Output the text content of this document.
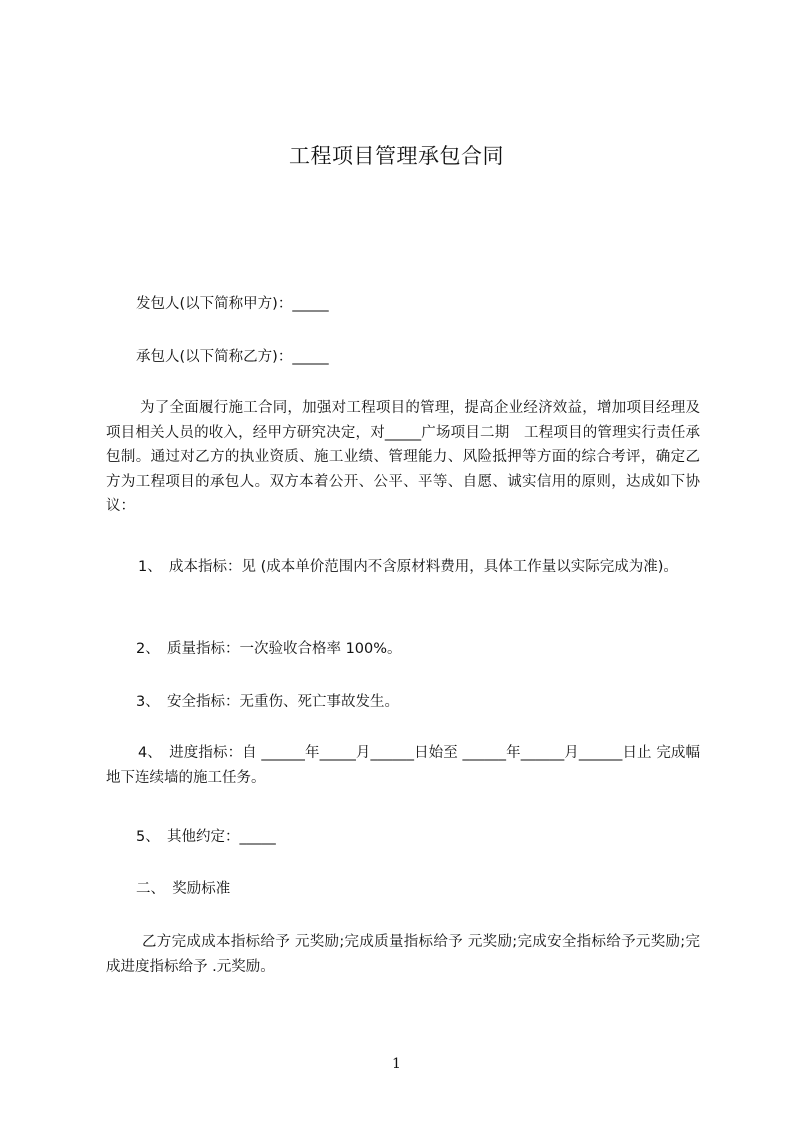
工程项目管理承包合同
发包人(以下简称甲方)：_____
承包人(以下简称乙方)：_____
为了全面履行施工合同，加强对工程项目的管理，提高企业经济效益，增加项目经理及项目相关人员的收入，经甲方研究决定，对_____广场项目二期　工程项目的管理实行责任承包制。通过对乙方的执业资质、施工业绩、管理能力、风险抵押等方面的综合考评，确定乙方为工程项目的承包人。双方本着公开、公平、平等、自愿、诚实信用的原则，达成如下协议：
1、　成本指标：见 (成本单价范围内不含原材料费用，具体工作量以实际完成为准)。
2、　质量指标：一次验收合格率 100%。
3、　安全指标：无重伤、死亡事故发生。
4、　进度指标：自 ______年_____月______日始至 ______年______月______日止 完成幅地下连续墙的施工任务。
5、　其他约定：_____
二、　奖励标准
乙方完成成本指标给予 元奖励;完成质量指标给予 元奖励;完成安全指标给予元奖励;完成进度指标给予 .元奖励。
1
